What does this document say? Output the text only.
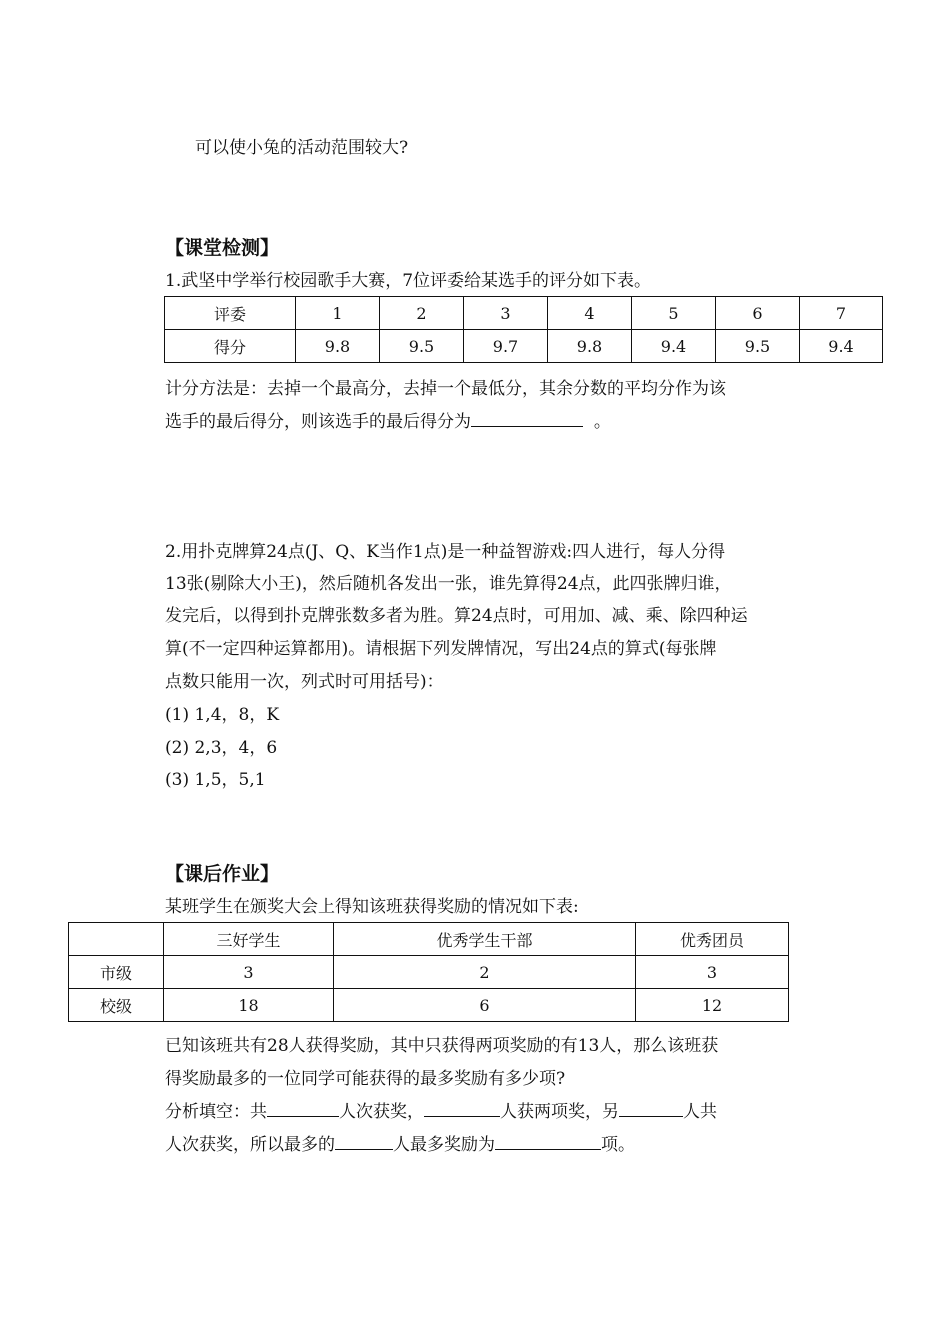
可以使小兔的活动范围较大?
【课堂检测】
1.武坚中学举行校园歌手大赛，7位评委给某选手的评分如下表。
评委	1	2	3	4	5	6	7
得分	9.8	9.5	9.7	9.8	9.4	9.5	9.4
计分方法是：去掉一个最高分，去掉一个最低分，其余分数的平均分作为该
选手的最后得分，则该选手的最后得分为	。
2.用扑克牌算24点(J、Q、K当作1点)是一种益智游戏:四人进行，每人分得
13张(剔除大小王)，然后随机各发出一张，谁先算得24点，此四张牌归谁，
发完后，以得到扑克牌张数多者为胜。算24点时，可用加、减、乘、除四种运
算(不一定四种运算都用)。请根据下列发牌情况，写出24点的算式(每张牌
点数只能用一次，列式时可用括号)：
(1) 1,4，8，K
(2) 2,3，4，6
(3) 1,5，5,1
【课后作业】
某班学生在颁奖大会上得知该班获得奖励的情况如下表:
	三好学生	优秀学生干部	优秀团员
市级	3	2	3
校级	18	6	12
已知该班共有28人获得奖励，其中只获得两项奖励的有13人，那么该班获
得奖励最多的一位同学可能获得的最多奖励有多少项?
分析填空：共	人次获奖，	人获两项奖，另	人共
人次获奖，所以最多的	人最多奖励为	项。
